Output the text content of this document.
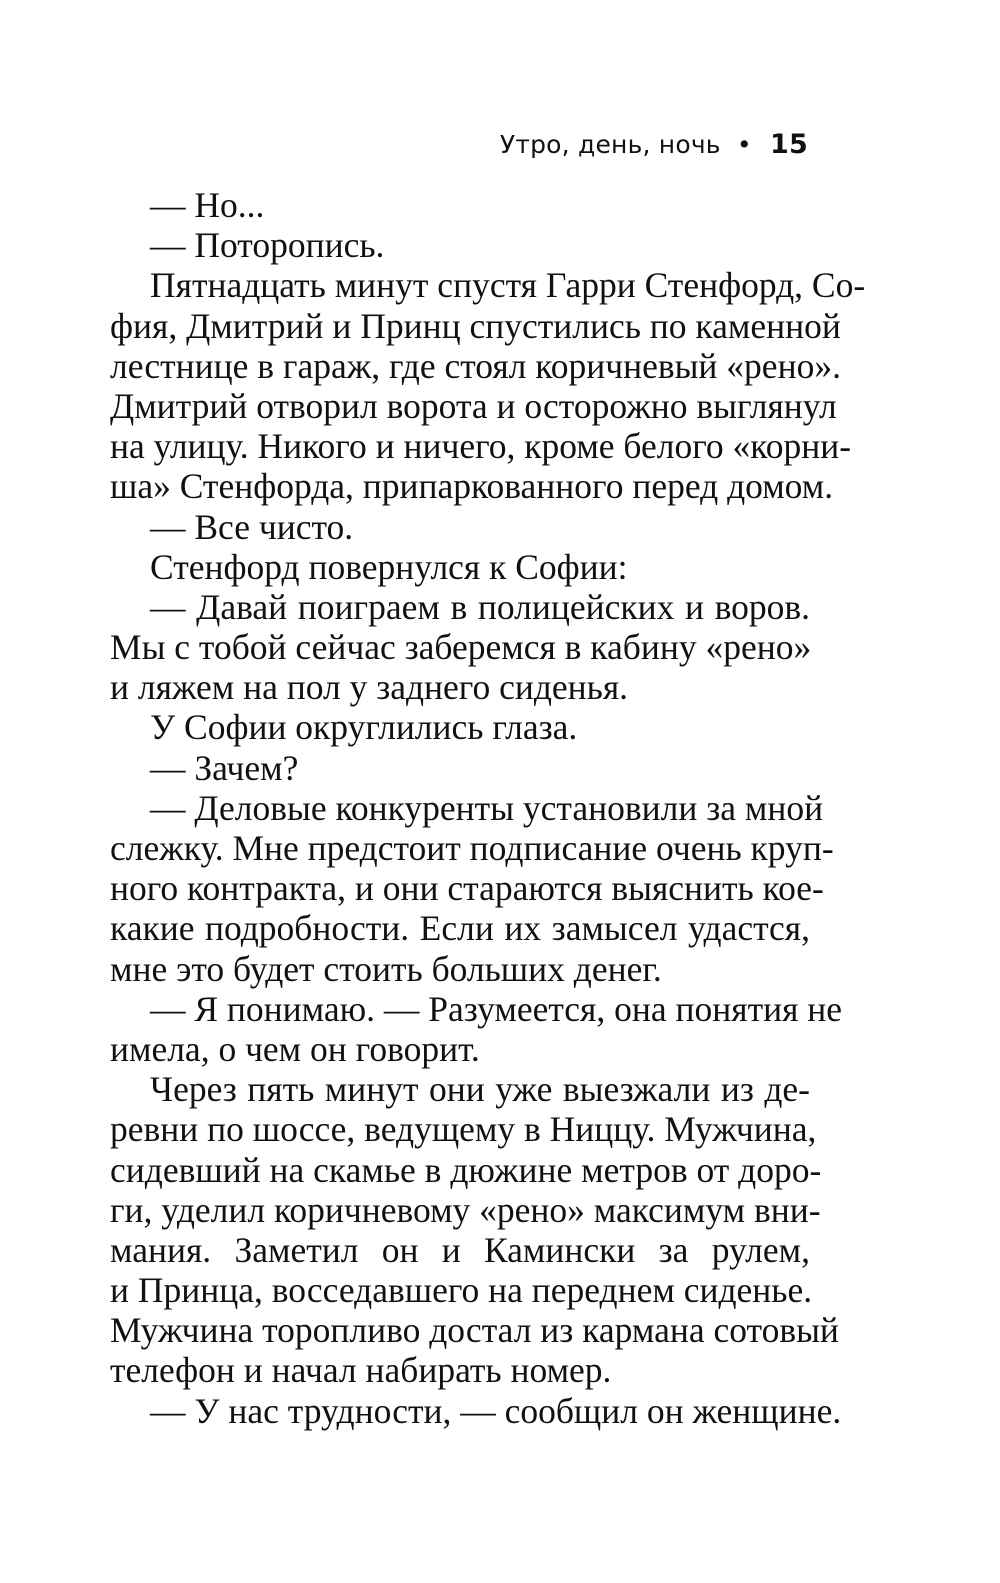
Утро, день, ночь • 15
— Но...
— Поторопись.
Пятнадцать минут спустя Гарри Стенфорд, Со-
фия, Дмитрий и Принц спустились по каменной
лестнице в гараж, где стоял коричневый «рено».
Дмитрий отворил ворота и осторожно выглянул
на улицу. Никого и ничего, кроме белого «корни-
ша» Стенфорда, припаркованного перед домом.
— Все чисто.
Стенфорд повернулся к Софии:
— Давай поиграем в полицейских и воров.
Мы с тобой сейчас заберемся в кабину «рено»
и ляжем на пол у заднего сиденья.
У Софии округлились глаза.
— Зачем?
— Деловые конкуренты установили за мной
слежку. Мне предстоит подписание очень круп-
ного контракта, и они стараются выяснить кое-
какие подробности. Если их замысел удастся,
мне это будет стоить больших денег.
— Я понимаю. — Разумеется, она понятия не
имела, о чем он говорит.
Через пять минут они уже выезжали из де-
ревни по шоссе, ведущему в Ниццу. Мужчина,
сидевший на скамье в дюжине метров от доро-
ги, уделил коричневому «рено» максимум вни-
мания. Заметил он и Камински за рулем,
и Принца, восседавшего на переднем сиденье.
Мужчина торопливо достал из кармана сотовый
телефон и начал набирать номер.
— У нас трудности, — сообщил он женщине.
